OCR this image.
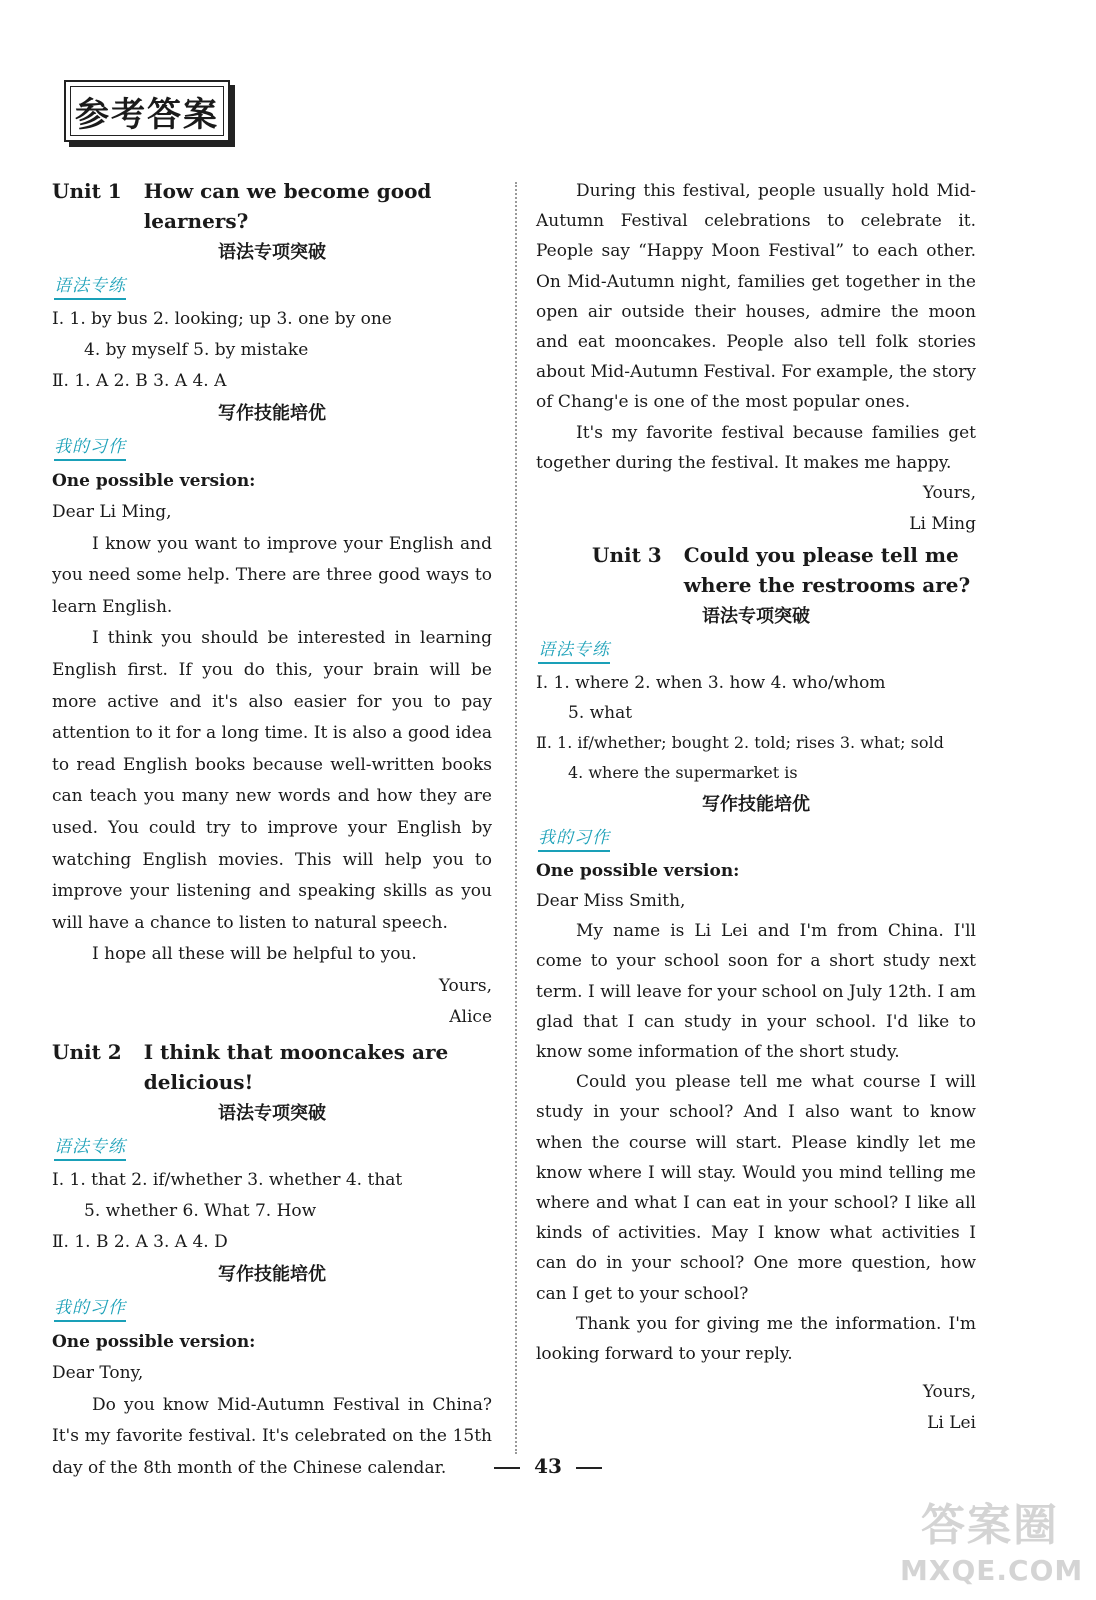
参考答案
Unit 1 How can we become good learners?
语法专项突破
语法专练

Ⅰ. 1. by bus 2. looking; up 3. one by one

4. by myself 5. by mistake

Ⅱ. 1. A 2. B 3. A 4. A

写作技能培优
我的习作

One possible version:

Dear Li Ming,

I know you want to improve your English and you need some help. There are three good ways to learn English.

I think you should be interested in learning English first. If you do this, your brain will be more active and it's also easier for you to pay attention to it for a long time. It is also a good idea to read English books because well-written books can teach you many new words and how they are used. You could try to improve your English by watching English movies. This will help you to improve your listening and speaking skills as you will have a chance to listen to natural speech.

I hope all these will be helpful to you.

Yours,

Alice

Unit 2 I think that mooncakes are delicious!
语法专项突破
语法专练

Ⅰ. 1. that 2. if/whether 3. whether 4. that

5. whether 6. What 7. How

Ⅱ. 1. B 2. A 3. A 4. D

写作技能培优
我的习作

One possible version:

Dear Tony,

Do you know Mid-Autumn Festival in China? It's my favorite festival. It's celebrated on the 15th day of the 8th month of the Chinese calendar.

During this festival, people usually hold Mid-Autumn Festival celebrations to celebrate it. People say “Happy Moon Festival” to each other. On Mid-Autumn night, families get together in the open air outside their houses, admire the moon and eat mooncakes. People also tell folk stories about Mid-Autumn Festival. For example, the story of Chang'e is one of the most popular ones.

It's my favorite festival because families get together during the festival. It makes me happy.

Yours,

Li Ming

Unit 3 Could you please tell me where the restrooms are?
语法专项突破
语法专练

Ⅰ. 1. where 2. when 3. how 4. who/whom

5. what

Ⅱ. 1. if/whether; bought 2. told; rises 3. what; sold

4. where the supermarket is

写作技能培优
我的习作

One possible version:

Dear Miss Smith,

My name is Li Lei and I'm from China. I'll come to your school soon for a short study next term. I will leave for your school on July 12th. I am glad that I can study in your school. I'd like to know some information of the short study.

Could you please tell me what course I will study in your school? And I also want to know when the course will start. Please kindly let me know where I will stay. Would you mind telling me where and what I can eat in your school? I like all kinds of activities. May I know what activities I can do in your school? One more question, how can I get to your school?

Thank you for giving me the information. I'm looking forward to your reply.

Yours,

Li Lei

43
答案圈
MXQE.COM
